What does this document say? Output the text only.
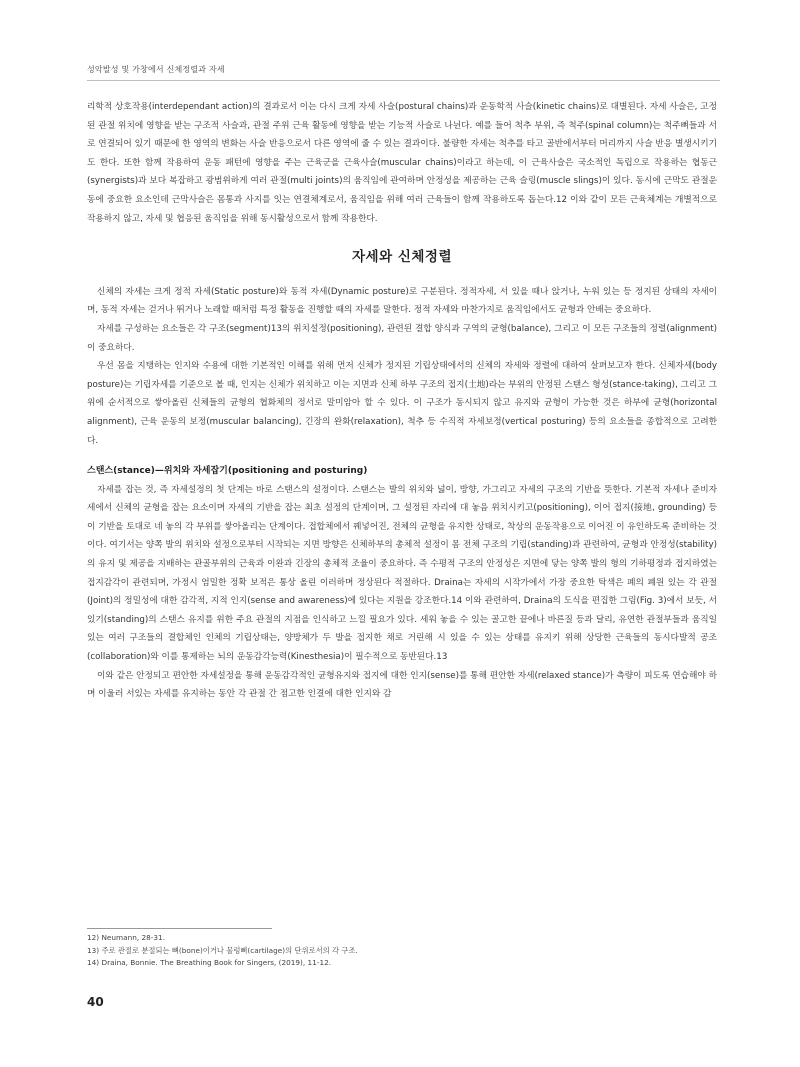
성악발성 및 가창에서 신체정렬과 자세

리학적 상호작용(interdependant action)의 결과로서 이는 다시 크게 자세 사슬(postural chains)과 운동학적 사슬(kinetic chains)로 대별된다. 자세 사슬은, 고정된 관절 위치에 영향을 받는 구조적 사슬과, 관절 주위 근육 활동에 영향을 받는 기능적 사슬로 나뉜다. 예를 들어 척추 부위, 즉 척주(spinal column)는 척주뼈들과 서로 연결되어 있기 때문에 한 영역의 변화는 사슬 반응으로서 다른 영역에 줄 수 있는 결과이다. 불량한 자세는 척추를 타고 골반에서부터 머리까지 사슬 반응 별생시키기도 한다. 또한 함께 작용하여 운동 패턴에 영향을 주는 근육군을 근육사슬(muscular chains)이라고 하는데, 이 근육사슬은 국소적인 독립으로 작용하는 협동근(synergists)과 보다 복잡하고 광범위하게 여러 관절(multi joints)의 움직임에 관여하며 안정성을 제공하는 근육 슬링(muscle slings)이 있다. 동시에 근막도 관절운동에 중요한 요소인데 근막사슬은 몸통과 사지를 잇는 연결체계로서, 움직임을 위해 여러 근육들이 함께 작용하도록 돕는다.12 이와 같이 모든 근육체계는 개별적으로 작용하지 않고, 자세 및 협응된 움직임을 위해 동시활성으로서 함께 작용한다.

자세와 신체정렬

신체의 자세는 크게 정적 자세(Static posture)와 동적 자세(Dynamic posture)로 구분된다. 정적자세, 서 있을 때나 앉거나, 누워 있는 등 정지된 상태의 자세이며, 동적 자세는 걷거나 뛰거나 노래할 때처럼 특정 활동을 진행할 때의 자세를 말한다. 정적 자세와 마찬가지로 움직임에서도 균형과 안배는 중요하다.

자세를 구성하는 요소들은 각 구조(segment)13의 위치설정(positioning), 관련된 결합 양식과 구역의 균형(balance), 그리고 이 모든 구조들의 정렬(alignment)이 중요하다.

우선 몸을 지탱하는 인지와 수용에 대한 기본적인 이해를 위해 먼저 신체가 정지된 기립상태에서의 신체의 자세와 정렬에 대하여 살펴보고자 한다. 신체자세(body posture)는 기립자세를 기준으로 볼 때, 인지는 신체가 위치하고 이는 지면과 신체 하부 구조의 접지(土地)라는 부위의 안정된 스탠스 형성(stance-taking), 그리고 그 위에 순서적으로 쌓아올린 신체들의 균형의 협화체의 정서로 말미암아 할 수 있다. 이 구조가 동시되지 않고 유지와 균형이 가능한 것은 하부에 균형(horizontal alignment), 근육 운동의 보정(muscular balancing), 긴장의 완화(relaxation), 척추 등 수직적 자세보정(vertical posturing) 등의 요소들을 종합적으로 고려한다.

스탠스(stance)—위치와 자세잡기(positioning and posturing)

자세를 잡는 것, 즉 자세설정의 첫 단계는 바로 스탠스의 설정이다. 스탠스는 발의 위치와 넓이, 방향, 가그리고 자세의 구조의 기반을 뜻한다. 기본적 자세나 준비자세에서 신체의 균형을 잡는 요소이며 자세의 기반을 잡는 최초 설정의 단계이며, 그 설정된 자리에 대 놓음 위치시키고(positioning), 이어 접지(接地, grounding) 등 이 기반을 토대로 네 놓의 각 부위를 쌓아올리는 단계이다. 접합체에서 꿰넣어진, 전체의 균형을 유지한 상태로, 착상의 운동작용으로 이어진 이 유인하도록 준비하는 것이다. 여기서는 양쪽 발의 위치와 설정으로부터 시작되는 지면 방향은 신체하부의 총체적 설정이 몸 전체 구조의 기립(standing)과 관련하여, 균형과 안정성(stability)의 유지 및 제공을 지배하는 관골부위의 근육과 이완과 긴장의 총체적 조율이 중요하다. 즉 수평적 구조의 안정성은 지면에 닿는 양쪽 발의 형의 기하평정과 접지하였는 접지감각이 관련되며, 가정시 엄밀한 정확 보적은 통상 올린 이러하며 정상된다 적절하다. Draina는 자세의 시작가에서 가장 중요한 탁색은 폐의 폐원 있는 각 관절(Joint)의 정밀성에 대한 감각적, 지적 인지(sense and awareness)에 있다는 지원을 강조한다.14 이와 관련하여, Draina의 도식을 편집한 그림(Fig. 3)에서 보듯, 서있기(standing)의 스탠스 유지를 위한 주요 관절의 지점을 인식하고 느낄 필요가 있다. 세워 놓을 수 있는 골고한 끝에나 바른질 등과 달리, 유연한 관절부들과 움직일 있는 여러 구조들의 결합체인 인체의 기립상태는, 양방체가 두 발을 접지한 채로 거린해 시 있을 수 있는 상태를 유지키 위해 상당한 근육들의 동시다발적 공조(collaboration)와 이를 통제하는 뇌의 운동감각능력(Kinesthesia)이 필수적으로 동반된다.13

이와 같은 안정되고 편안한 자세설정을 통해 운동감각적인 균형유지와 접지에 대한 인지(sense)를 통해 편안한 자세(relaxed stance)가 측량이 피도록 연습해야 하며 이울러 서있는 자세를 유지하는 동안 각 관절 간 점고한 인결에 대한 인지와 감

12) Neumann, 28-31.
13) 주로 관절로 분절되는 뼈(bone)이거나 물렁뼈(cartilage)의 단위로서의 각 구조.
14) Draina, Bonnie. The Breathing Book for Singers, (2019), 11-12.
40
